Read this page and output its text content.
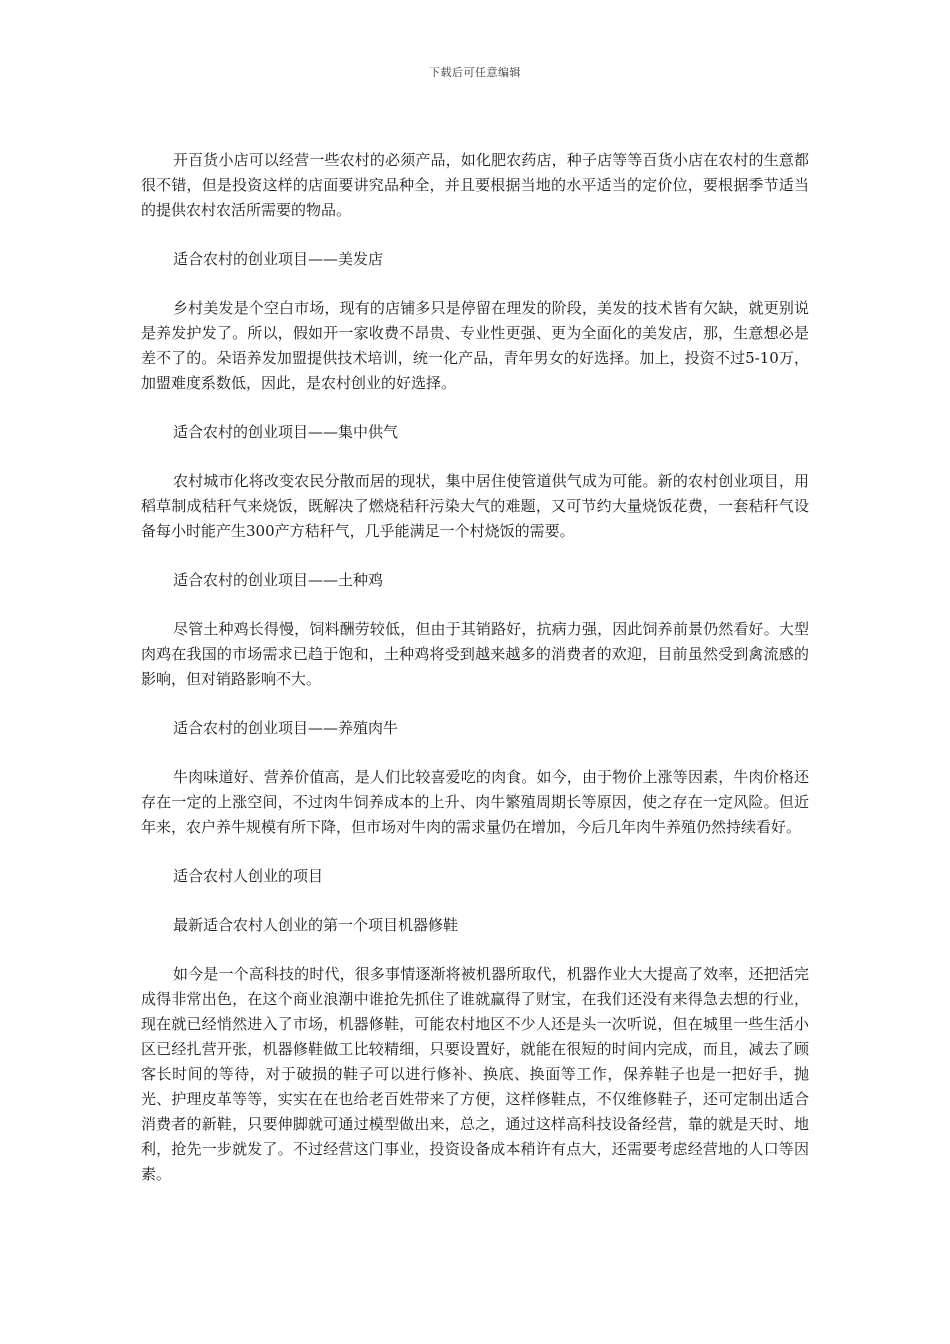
下载后可任意编辑

开百货小店可以经营一些农村的必须产品，如化肥农药店，种子店等等百货小店在农村的生意都很不错，但是投资这样的店面要讲究品种全，并且要根据当地的水平适当的定价位，要根据季节适当的提供农村农活所需要的物品。

适合农村的创业项目——美发店

乡村美发是个空白市场，现有的店铺多只是停留在理发的阶段，美发的技术皆有欠缺，就更别说是养发护发了。所以，假如开一家收费不昂贵、专业性更强、更为全面化的美发店，那，生意想必是差不了的。朵语养发加盟提供技术培训，统一化产品，青年男女的好选择。加上，投资不过5-10万，加盟难度系数低，因此，是农村创业的好选择。

适合农村的创业项目——集中供气

农村城市化将改变农民分散而居的现状，集中居住使管道供气成为可能。新的农村创业项目，用稻草制成秸秆气来烧饭，既解决了燃烧秸秆污染大气的难题，又可节约大量烧饭花费，一套秸秆气设备每小时能产生300产方秸秆气，几乎能满足一个村烧饭的需要。

适合农村的创业项目——土种鸡

尽管土种鸡长得慢，饲料酬劳较低，但由于其销路好，抗病力强，因此饲养前景仍然看好。大型肉鸡在我国的市场需求已趋于饱和，土种鸡将受到越来越多的消费者的欢迎，目前虽然受到禽流感的影响，但对销路影响不大。

适合农村的创业项目——养殖肉牛

牛肉味道好、营养价值高，是人们比较喜爱吃的肉食。如今，由于物价上涨等因素，牛肉价格还存在一定的上涨空间，不过肉牛饲养成本的上升、肉牛繁殖周期长等原因，使之存在一定风险。但近年来，农户养牛规模有所下降，但市场对牛肉的需求量仍在增加，今后几年肉牛养殖仍然持续看好。

适合农村人创业的项目

最新适合农村人创业的第一个项目机器修鞋

如今是一个高科技的时代，很多事情逐渐将被机器所取代，机器作业大大提高了效率，还把活完成得非常出色，在这个商业浪潮中谁抢先抓住了谁就赢得了财宝，在我们还没有来得急去想的行业，现在就已经悄然进入了市场，机器修鞋，可能农村地区不少人还是头一次听说，但在城里一些生活小区已经扎营开张，机器修鞋做工比较精细，只要设置好，就能在很短的时间内完成，而且，减去了顾客长时间的等待，对于破损的鞋子可以进行修补、换底、换面等工作，保养鞋子也是一把好手，抛光、护理皮革等等，实实在在也给老百姓带来了方便，这样修鞋点，不仅维修鞋子，还可定制出适合消费者的新鞋，只要伸脚就可通过模型做出来，总之，通过这样高科技设备经营，靠的就是天时、地利，抢先一步就发了。不过经营这门事业，投资设备成本稍许有点大，还需要考虑经营地的人口等因素。
